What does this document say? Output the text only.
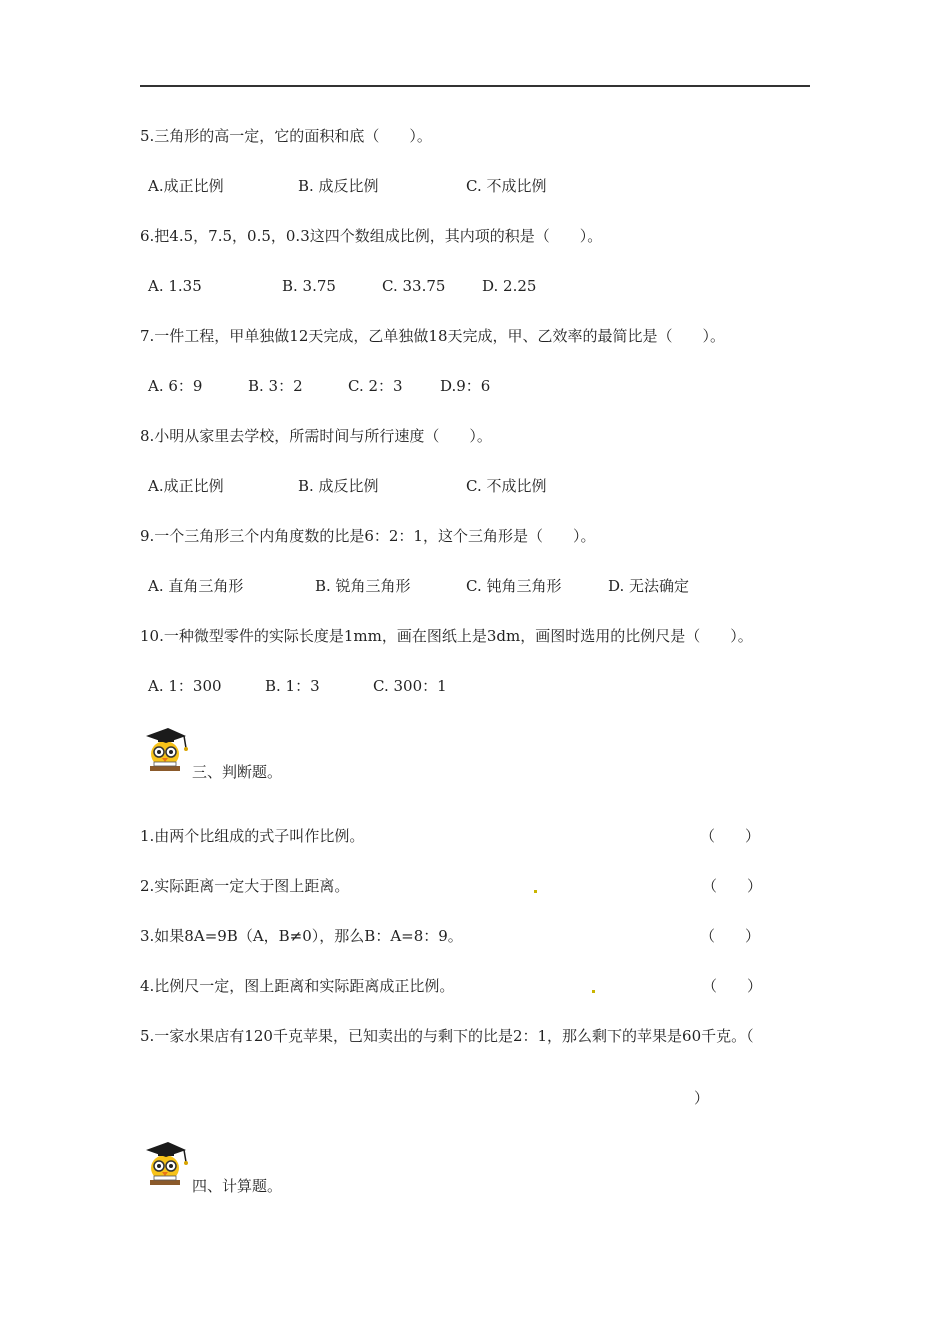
5.三角形的高一定，它的面积和底（　　）。
A.成正比例	B. 成反比例	C. 不成比例
6.把4.5，7.5，0.5，0.3这四个数组成比例，其内项的积是（　　）。
A. 1.35	B. 3.75	C. 33.75 D. 2.25
7.一件工程，甲单独做12天完成，乙单独做18天完成，甲、乙效率的最简比是（　　）。
A. 6：9	B. 3：2	C. 2：3 D.9：6
8.小明从家里去学校，所需时间与所行速度（　　）。
A.成正比例	B. 成反比例	C. 不成比例
9.一个三角形三个内角度数的比是6：2：1，这个三角形是（　　）。
A. 直角三角形	B. 锐角三角形	C. 钝角三角形	D. 无法确定
10.一种微型零件的实际长度是1mm，画在图纸上是3dm，画图时选用的比例尺是（　　）。
A. 1：300	B. 1：3	C. 300：1
三、判断题。
1.由两个比组成的式子叫作比例。	（　　）
2.实际距离一定大于图上距离。	（　　）
3.如果8A=9B（A，B≠0），那么B：A=8：9。	（　　）
4.比例尺一定，图上距离和实际距离成正比例。	（　　）
5.一家水果店有120千克苹果，已知卖出的与剩下的比是2：1，那么剩下的苹果是60千克。（
）
四、计算题。
